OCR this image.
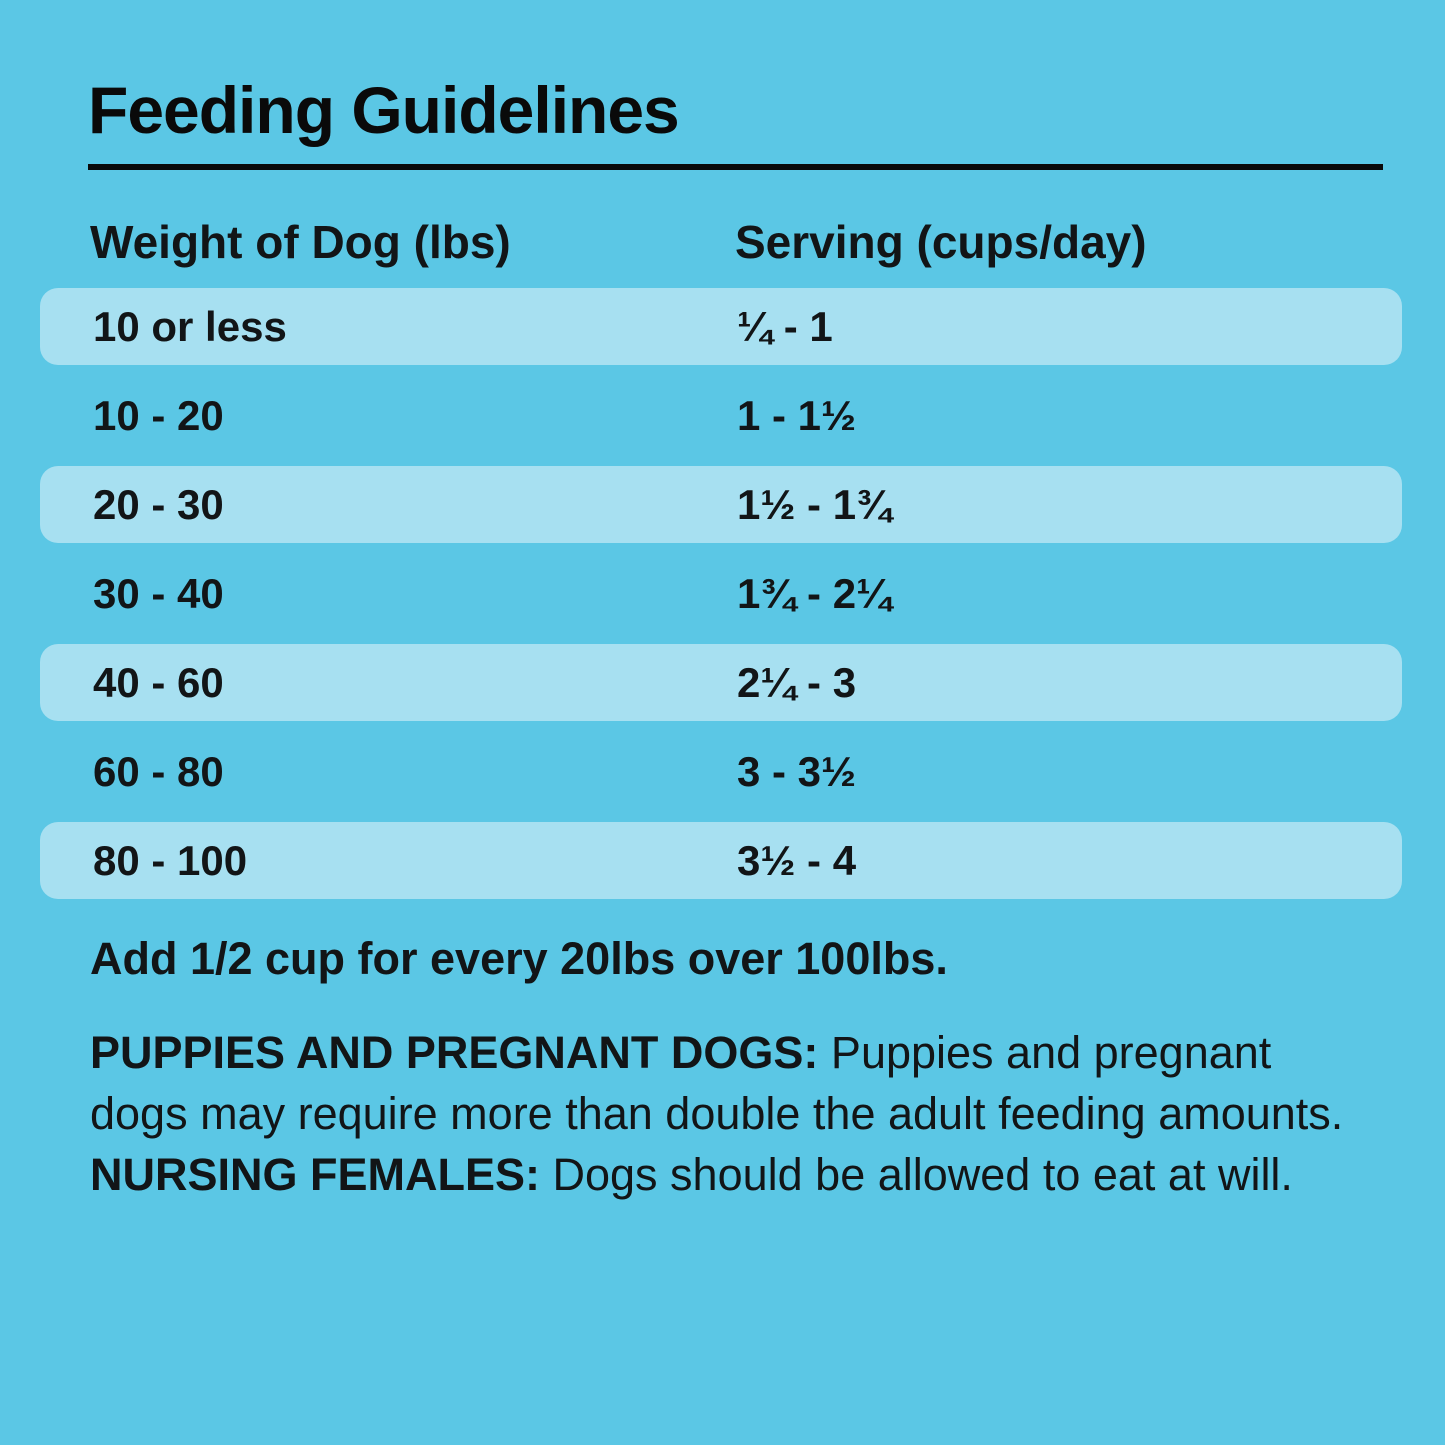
Feeding Guidelines
Weight of Dog (lbs)	Serving (cups/day)
10 or less	¼ - 1
10 - 20	1 - 1½
20 - 30	1½ - 1¾
30 - 40	1¾ - 2¼
40 - 60	2¼ - 3
60 - 80	3 - 3½
80 - 100	3½ - 4
Add 1/2 cup for every 20lbs over 100lbs.
PUPPIES AND PREGNANT DOGS: Puppies and pregnant dogs may require more than double the adult feeding amounts. NURSING FEMALES: Dogs should be allowed to eat at will.
